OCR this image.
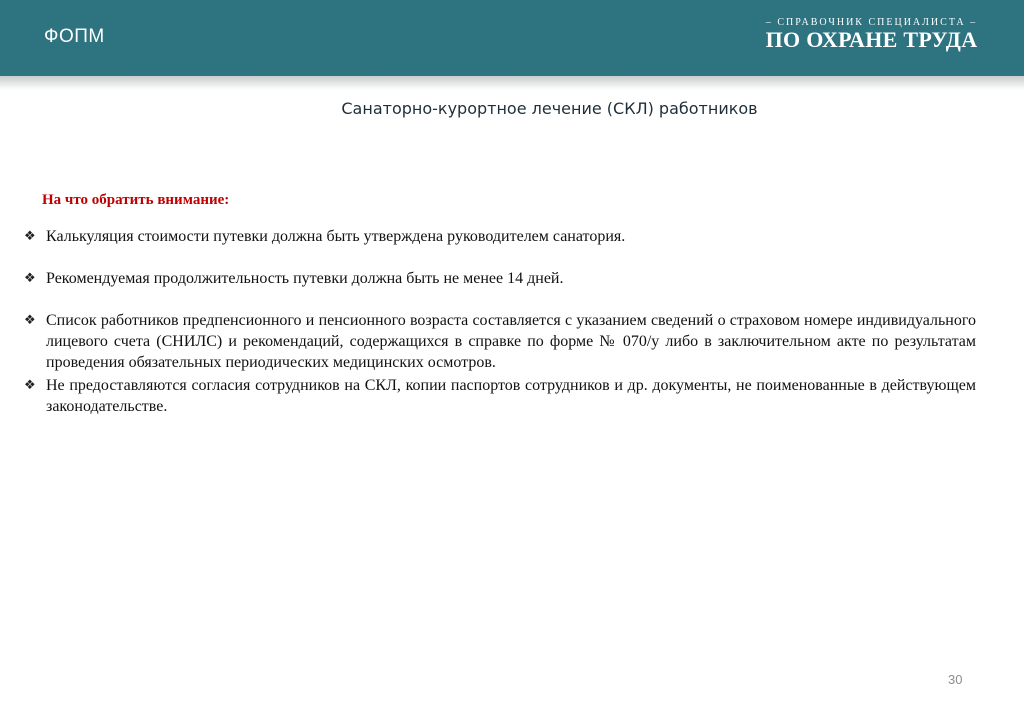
ФОПМ
– СПРАВОЧНИК СПЕЦИАЛИСТА –
ПО ОХРАНЕ ТРУДА
Санаторно-курортное лечение (СКЛ) работников
На что обратить внимание:
❖ Калькуляция стоимости путевки должна быть утверждена руководителем санатория.
❖ Рекомендуемая продолжительность путевки должна быть не менее 14 дней.
❖ Список работников предпенсионного и пенсионного возраста составляется с указанием сведений о страховом номере индивидуального лицевого счета (СНИЛС) и рекомендаций, содержащихся в справке по форме № 070/у либо в заключительном акте по результатам проведения обязательных периодических медицинских осмотров.
❖ Не предоставляются согласия сотрудников на СКЛ, копии паспортов сотрудников и др. документы, не поименованные в действующем законодательстве.
30
